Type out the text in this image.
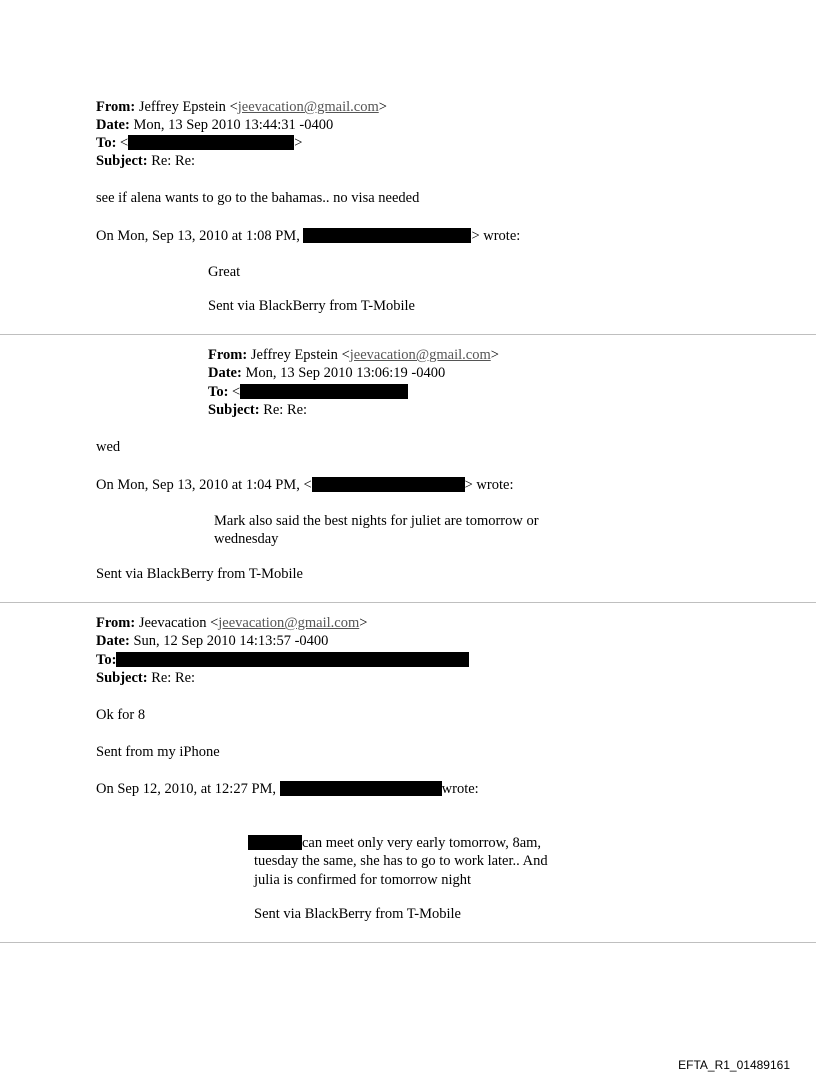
From: Jeffrey Epstein <jeevacation@gmail.com>
Date: Mon, 13 Sep 2010 13:44:31 -0400
To: <	>
Subject: Re: Re:
see if alena wants to go to the bahamas.. no visa needed
On Mon, Sep 13, 2010 at 1:08 PM,	> wrote:
Great
Sent via BlackBerry from T-Mobile
From: Jeffrey Epstein <jeevacation@gmail.com>
Date: Mon, 13 Sep 2010 13:06:19 -0400
To: <
Subject: Re: Re:
wed
On Mon, Sep 13, 2010 at 1:04 PM, <	> wrote:
Mark also said the best nights for juliet are tomorrow or
wednesday
Sent via BlackBerry from T-Mobile
From: Jeevacation <jeevacation@gmail.com>
Date: Sun, 12 Sep 2010 14:13:57 -0400
To:
Subject: Re: Re:
Ok for 8
Sent from my iPhone
On Sep 12, 2010, at 12:27 PM,	wrote:
can meet only very early tomorrow, 8am,
tuesday the same, she has to go to work later.. And
julia is confirmed for tomorrow night
Sent via BlackBerry from T-Mobile
EFTA_R1_01489161
